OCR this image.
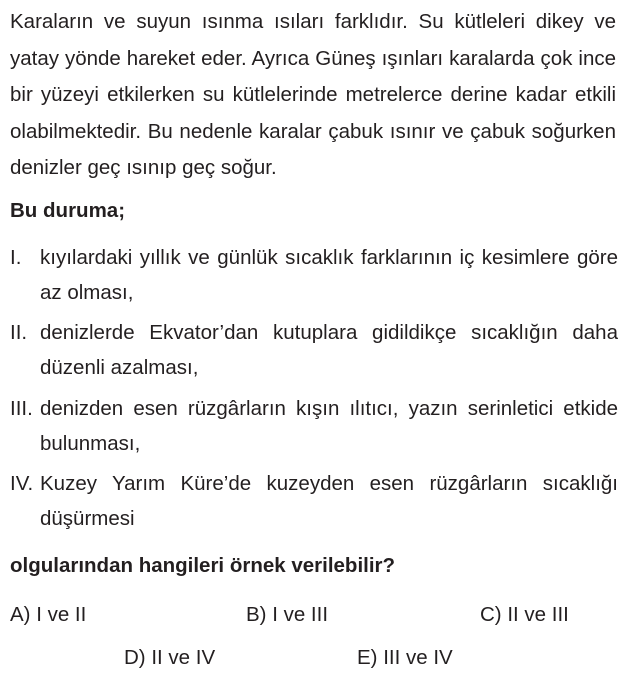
Karaların ve suyun ısınma ısıları farklıdır. Su kütleleri dikey ve yatay yönde hareket eder. Ayrıca Güneş ışınları karalarda çok ince bir yüzeyi etkilerken su kütlelerinde metrelerce derine kadar etkili olabilmektedir. Bu nedenle karalar çabuk ısınır ve çabuk soğurken denizler geç ısınıp geç soğur.

Bu duruma;

I. kıyılardaki yıllık ve günlük sıcaklık farklarının iç kesimlere göre az olması,
II. denizlerde Ekvator’dan kutuplara gidildikçe sıcaklığın daha düzenli azalması,
III. denizden esen rüzgârların kışın ılıtıcı, yazın serinletici etkide bulunması,
IV. Kuzey Yarım Küre’de kuzeyden esen rüzgârların sıcaklığı düşürmesi

olgularından hangileri örnek verilebilir?

A) I ve II	B) I ve III	C) II ve III
D) II ve IV	E) III ve IV
